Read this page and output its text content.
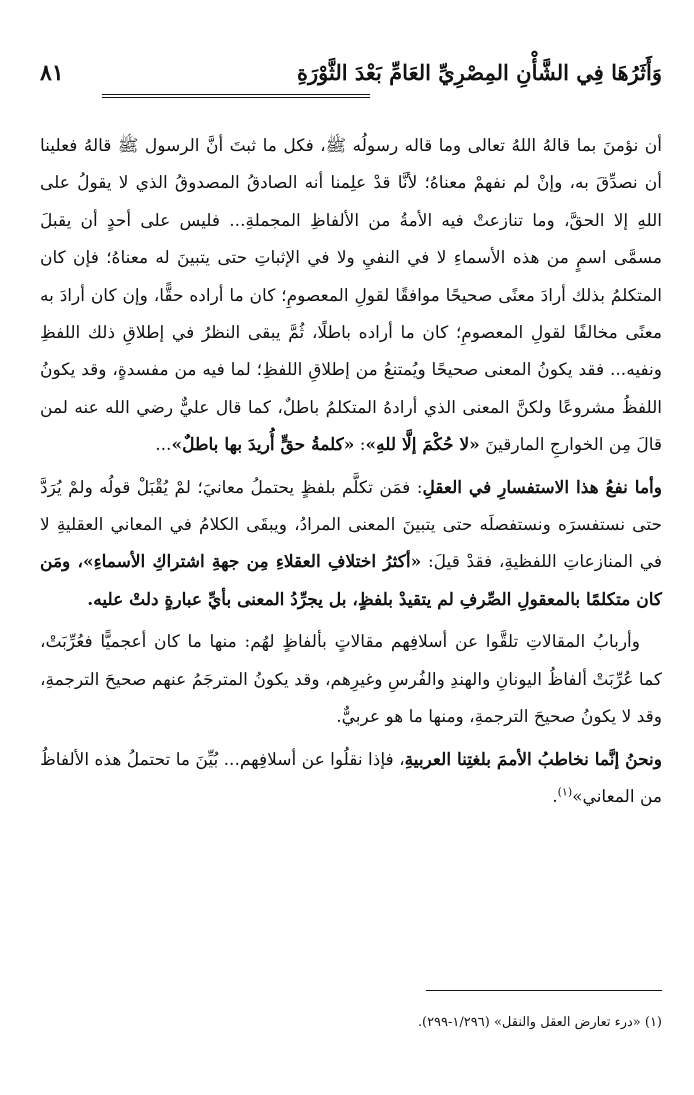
وَأَثَرُهَا فِي الشَّأْنِ المِصْرِيِّ العَامِّ بَعْدَ الثَّوْرَةِ
٨١

أن نؤمنَ بما قالهُ اللهُ تعالى وما قاله رسولُه ﷺ، فكل ما ثبتَ أنَّ الرسول ﷺ قالهُ فعلينا أن نصدِّقَ به، وإنْ لم نفهمْ معناهُ؛ لأنَّا قدْ علِمنا أنه الصادقُ المصدوقُ الذي لا يقولُ على اللهِ إلا الحقَّ، وما تنازعتْ فيه الأمةُ من الألفاظِ المجملةِ... فليس على أحدٍ أن يقبلَ مسمَّى اسمٍ من هذه الأسماءِ لا في النفيِ ولا في الإثباتِ حتى يتبينَ له معناهُ؛ فإن كان المتكلمُ بذلك أرادَ معنًى صحيحًا موافقًا لقولِ المعصومِ؛ كان ما أراده حقًّا، وإن كان أرادَ به معنًى مخالفًا لقولِ المعصومِ؛ كان ما أراده باطلًا، ثُمَّ يبقى النظرُ في إطلاقِ ذلك اللفظِ ونفيه... فقد يكونُ المعنى صحيحًا ويُمتنعُ من إطلاقِ اللفظِ؛ لما فيه من مفسدةٍ، وقد يكونُ اللفظُ مشروعًا ولكنَّ المعنى الذي أرادهُ المتكلمُ باطلٌ، كما قال عليٌّ رضي الله عنه لمن قالَ مِن الخوارجِ المارقينَ «لا حُكْمَ إلَّا للهِ»: «كلمةُ حقٍّ أُريدَ بها باطلٌ»...

وأما نفعُ هذا الاستفسارِ في العقلِ: فمَن تكلَّم بلفظٍ يحتملُ معانيَ؛ لمْ يُقْبَلْ قولُه ولمْ يُرَدَّ حتى نستفسرَه ونستفصلَه حتى يتبينَ المعنى المرادُ، ويبقَى الكلامُ في المعاني العقليةِ لا في المنازعاتِ اللفظيةِ، فقدْ قيلَ: «أكثرُ اختلافِ العقلاءِ مِن جهةِ اشتراكِ الأسماءِ»، ومَن كان متكلمًا بالمعقولِ الصِّرفِ لم يتقيدْ بلفظٍ، بل يجرِّدُ المعنى بأيِّ عبارةٍ دلتْ عليه.

وأربابُ المقالاتِ تلقَّوا عن أسلافِهم مقالاتٍ بألفاظٍ لهُم: منها ما كان أعجميًّا فعُرِّبَتْ، كما عُرِّبَتْ ألفاظُ اليونانِ والهندِ والفُرسِ وغيرِهم، وقد يكونُ المترجَمُ عنهم صحيحَ الترجمةِ، وقد لا يكونُ صحيحَ الترجمةِ، ومنها ما هو عربيٌّ.

ونحنُ إنَّما نخاطبُ الأممَ بلغتِنا العربيةِ، فإذا نقلُوا عن أسلافِهم... بُيِّنَ ما تحتملُ هذه الألفاظُ من المعاني»$^{(١)}$.

(١) «درء تعارض العقل والنقل» (١/٢٩٦-٢٩٩).
